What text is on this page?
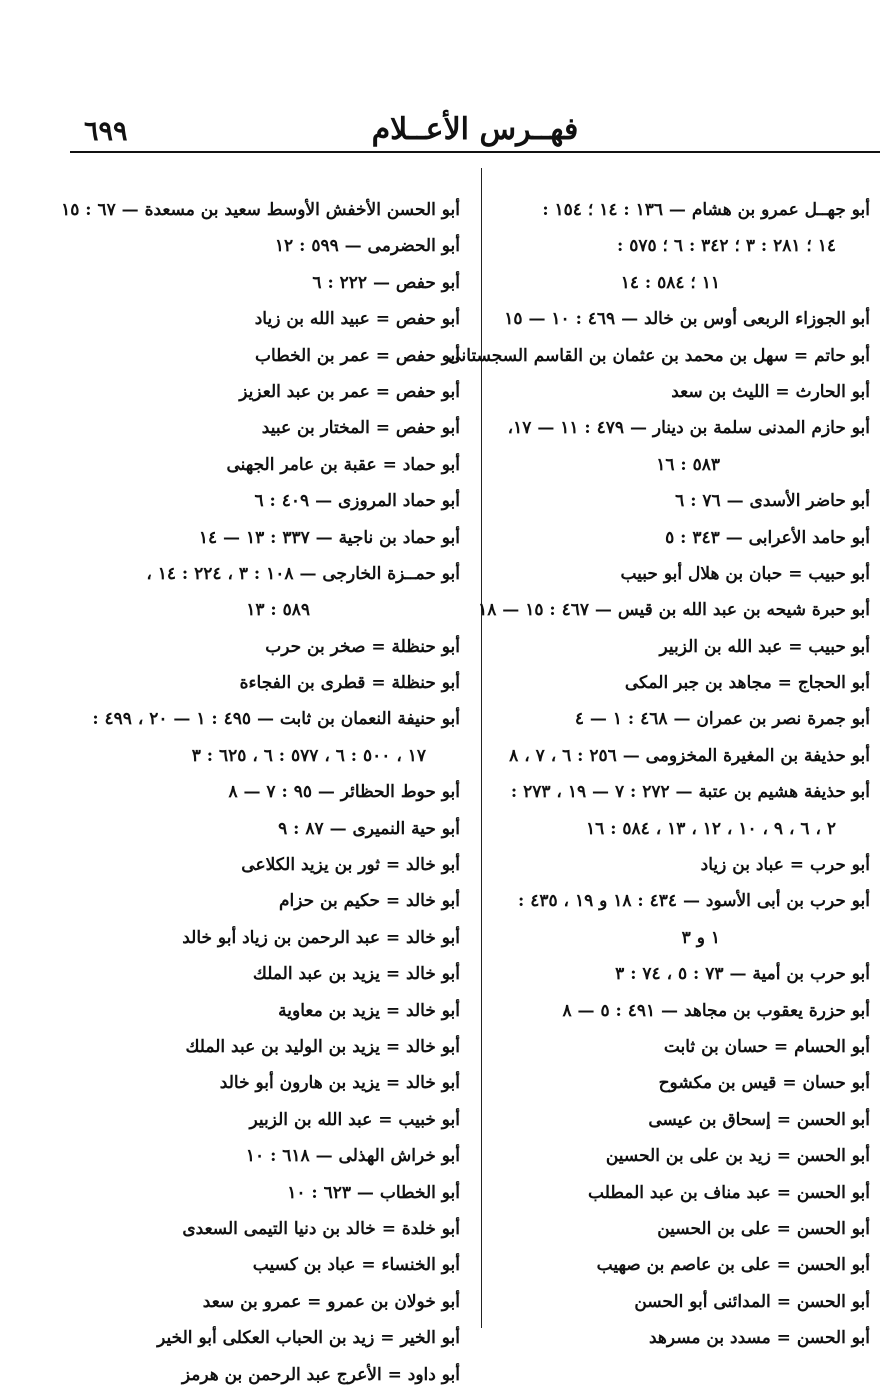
٦٩٩	فهــرس الأعــلام
أبو جهــل عمرو بن هشام — ١٣٦ : ١٤ ؛ ١٥٤ :
١٤ ؛ ٢٨١ : ٣ ؛ ٣٤٢ : ٦ ؛ ٥٧٥ :
١١ ؛ ٥٨٤ : ١٤
أبو الجوزاء الربعى أوس بن خالد — ٤٦٩ : ١٠ — ١٥
أبو حاتم = سهل بن محمد بن عثمان بن القاسم السجستانى
أبو الحارث = الليث بن سعد
أبو حازم المدنى سلمة بن دينار — ٤٧٩ : ١١ — ١٧،
٥٨٣ : ١٦
أبو حاضر الأسدى — ٧٦ : ٦
أبو حامد الأعرابى — ٣٤٣ : ٥
أبو حبيب = حبان بن هلال أبو حبيب
أبو حبرة شيحه بن عبد الله بن قيس — ٤٦٧ : ١٥ — ١٨
أبو حبيب = عبد الله بن الزبير
أبو الحجاج = مجاهد بن جبر المكى
أبو جمرة نصر بن عمران — ٤٦٨ : ١ — ٤
أبو حذيفة بن المغيرة المخزومى — ٢٥٦ : ٦ ، ٧ ، ٨
أبو حذيفة هشيم بن عتبة — ٢٧٢ : ٧ — ١٩ ، ٢٧٣ :
٢ ، ٦ ، ٩ ، ١٠ ، ١٢ ، ١٣ ، ٥٨٤ : ١٦
أبو حرب = عباد بن زياد
أبو حرب بن أبى الأسود — ٤٣٤ : ١٨ و ١٩ ، ٤٣٥ :
١ و ٣
أبو حرب بن أمية — ٧٣ : ٥ ، ٧٤ : ٣
أبو حزرة يعقوب بن مجاهد — ٤٩١ : ٥ — ٨
أبو الحسام = حسان بن ثابت
أبو حسان = قيس بن مكشوح
أبو الحسن = إسحاق بن عيسى
أبو الحسن = زيد بن على بن الحسين
أبو الحسن = عبد مناف بن عبد المطلب
أبو الحسن = على بن الحسين
أبو الحسن = على بن عاصم بن صهيب
أبو الحسن = المدائنى أبو الحسن
أبو الحسن = مسدد بن مسرهد
أبو الحسن الأخفش الأوسط سعيد بن مسعدة — ٦٧ : ١٥
أبو الحضرمى — ٥٩٩ : ١٢
أبو حفص — ٢٢٢ : ٦
أبو حفص = عبيد الله بن زياد
أبو حفص = عمر بن الخطاب
أبو حفص = عمر بن عبد العزيز
أبو حفص = المختار بن عبيد
أبو حماد = عقبة بن عامر الجهنى
أبو حماد المروزى — ٤٠٩ : ٦
أبو حماد بن ناجية — ٣٣٧ : ١٣ — ١٤
أبو حمــزة الخارجى — ١٠٨ : ٣ ، ٢٢٤ : ١٤ ،
٥٨٩ : ١٣
أبو حنظلة = صخر بن حرب
أبو حنظلة = قطرى بن الفجاءة
أبو حنيفة النعمان بن ثابت — ٤٩٥ : ١ — ٢٠ ، ٤٩٩ :
١٧ ، ٥٠٠ : ٦ ، ٥٧٧ : ٦ ، ٦٢٥ : ٣
أبو حوط الحظائر — ٩٥ : ٧ — ٨
أبو حية النميرى — ٨٧ : ٩
أبو خالد = ثور بن يزيد الكلاعى
أبو خالد = حكيم بن حزام
أبو خالد = عبد الرحمن بن زياد أبو خالد
أبو خالد = يزيد بن عبد الملك
أبو خالد = يزيد بن معاوية
أبو خالد = يزيد بن الوليد بن عبد الملك
أبو خالد = يزيد بن هارون أبو خالد
أبو خبيب = عبد الله بن الزبير
أبو خراش الهذلى — ٦١٨ : ١٠
أبو الخطاب — ٦٢٣ : ١٠
أبو خلدة = خالد بن دنيا التيمى السعدى
أبو الخنساء = عباد بن كسيب
أبو خولان بن عمرو = عمرو بن سعد
أبو الخير = زيد بن الحباب العكلى أبو الخير
أبو داود = الأعرج عبد الرحمن بن هرمز
